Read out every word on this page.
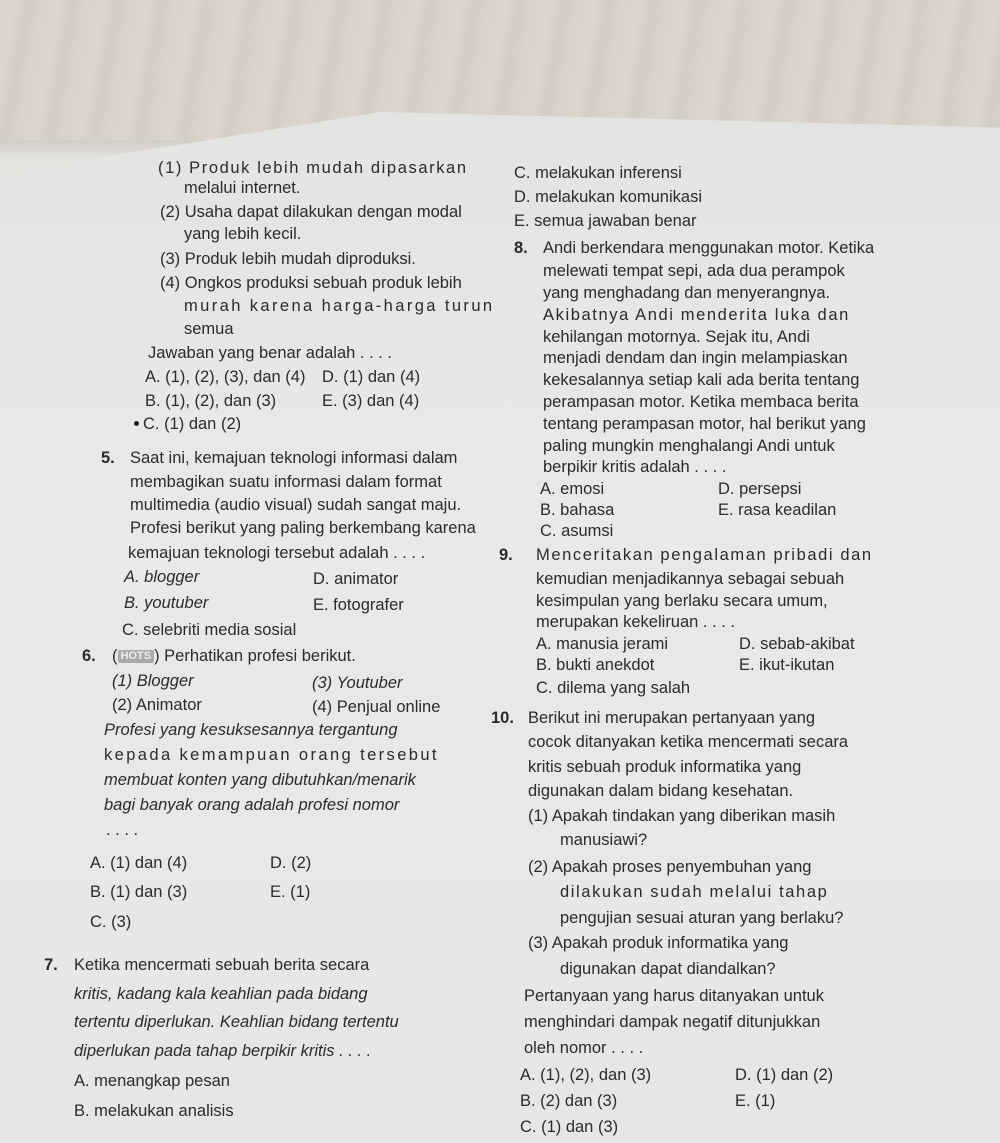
(1) Produk lebih mudah dipasarkan
melalui internet.
(2) Usaha dapat dilakukan dengan modal
yang lebih kecil.
(3) Produk lebih mudah diproduksi.
(4) Ongkos produksi sebuah produk lebih
murah karena harga-harga turun
semua
Jawaban yang benar adalah . . . .
A. (1), (2), (3), dan (4) D. (1) dan (4)
B. (1), (2), dan (3)	E. (3) dan (4)
C. (1) dan (2)
5. Saat ini, kemajuan teknologi informasi dalam
membagikan suatu informasi dalam format
multimedia (audio visual) sudah sangat maju.
Profesi berikut yang paling berkembang karena
kemajuan teknologi tersebut adalah . . . .
A. blogger	D. animator
B. youtuber	E. fotografer
C. selebriti media sosial
6. ( HOTS ) Perhatikan profesi berikut.
(1) Blogger	(3) Youtuber
(2) Animator	(4) Penjual online
Profesi yang kesuksesannya tergantung
kepada kemampuan orang tersebut
membuat konten yang dibutuhkan/menarik
bagi banyak orang adalah profesi nomor
. . . .
A. (1) dan (4)	D. (2)
B. (1) dan (3)	E. (1)
C. (3)
7. Ketika mencermati sebuah berita secara
kritis, kadang kala keahlian pada bidang
tertentu diperlukan. Keahlian bidang tertentu
diperlukan pada tahap berpikir kritis . . . .
A. menangkap pesan
B. melakukan analisis
C. melakukan inferensi
D. melakukan komunikasi
E. semua jawaban benar
8. Andi berkendara menggunakan motor. Ketika
melewati tempat sepi, ada dua perampok
yang menghadang dan menyerangnya.
Akibatnya Andi menderita luka dan
kehilangan motornya. Sejak itu, Andi
menjadi dendam dan ingin melampiaskan
kekesalannya setiap kali ada berita tentang
perampasan motor. Ketika membaca berita
tentang perampasan motor, hal berikut yang
paling mungkin menghalangi Andi untuk
berpikir kritis adalah . . . .
A. emosi	D. persepsi
B. bahasa	E. rasa keadilan
C. asumsi
9. Menceritakan pengalaman pribadi dan
kemudian menjadikannya sebagai sebuah
kesimpulan yang berlaku secara umum,
merupakan kekeliruan . . . .
A. manusia jerami	D. sebab-akibat
B. bukti anekdot	E. ikut-ikutan
C. dilema yang salah
10. Berikut ini merupakan pertanyaan yang
cocok ditanyakan ketika mencermati secara
kritis sebuah produk informatika yang
digunakan dalam bidang kesehatan.
(1) Apakah tindakan yang diberikan masih
manusiawi?
(2) Apakah proses penyembuhan yang
dilakukan sudah melalui tahap
pengujian sesuai aturan yang berlaku?
(3) Apakah produk informatika yang
digunakan dapat diandalkan?
Pertanyaan yang harus ditanyakan untuk
menghindari dampak negatif ditunjukkan
oleh nomor . . . .
A. (1), (2), dan (3)	D. (1) dan (2)
B. (2) dan (3)	E. (1)
C. (1) dan (3)
